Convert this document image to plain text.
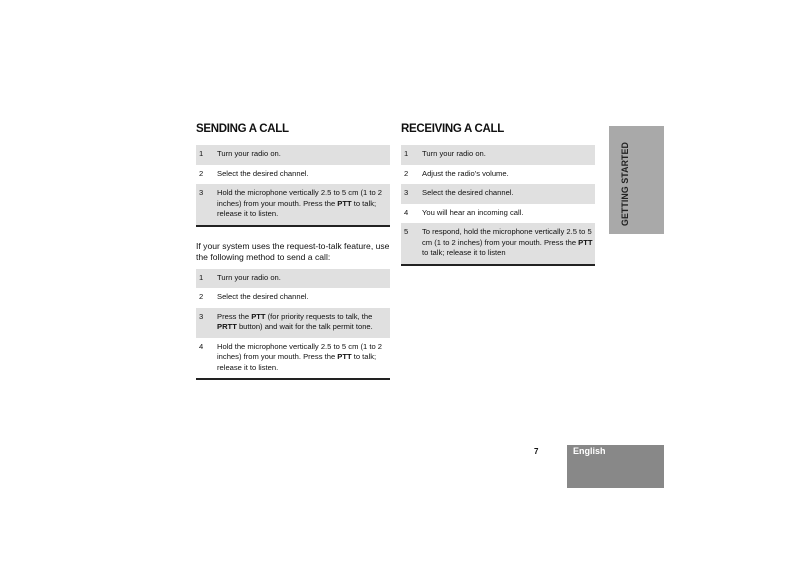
SENDING A CALL
1	Turn your radio on.
2	Select the desired channel.
3	Hold the microphone vertically 2.5 to 5 cm (1 to 2 inches) from your mouth. Press the PTT to talk; release it to listen.

If your system uses the request-to-talk feature, use the following method to send a call:

1	Turn your radio on.
2	Select the desired channel.
3	Press the PTT (for priority requests to talk, the PRTT button) and wait for the talk permit tone.
4	Hold the microphone vertically 2.5 to 5 cm (1 to 2 inches) from your mouth. Press the PTT to talk; release it to listen.
RECEIVING A CALL
1	Turn your radio on.
2	Adjust the radio's volume.
3	Select the desired channel.
4	You will hear an incoming call.
5	To respond, hold the microphone vertically 2.5 to 5 cm (1 to 2 inches) from your mouth. Press the PTT to talk; release it to listen
GETTING STARTED
7	English
